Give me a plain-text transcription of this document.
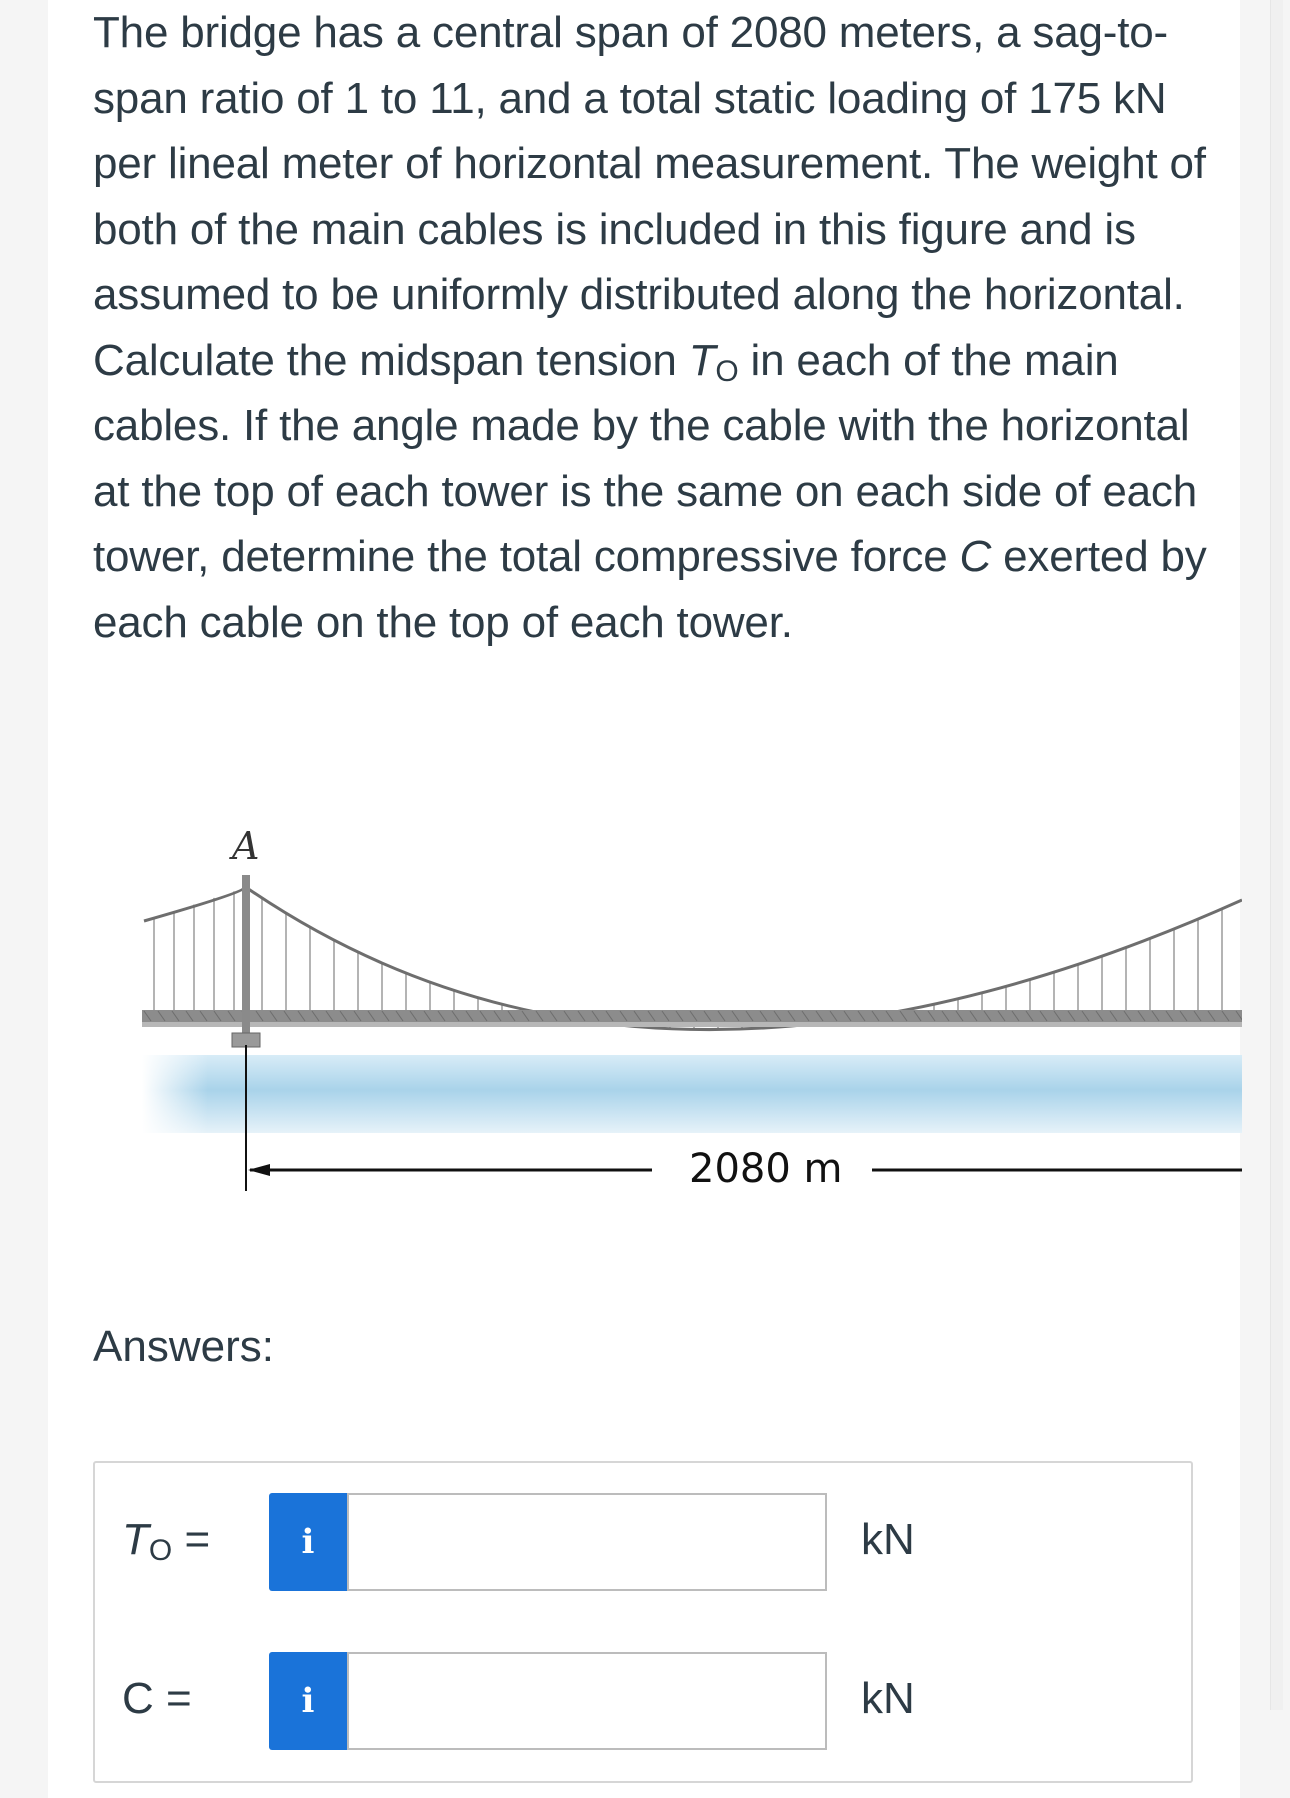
The bridge has a central span of 2080 meters, a sag-to-span ratio of 1 to 11, and a total static loading of 175 kN per lineal meter of horizontal measurement. The weight of both of the main cables is included in this figure and is assumed to be uniformly distributed along the horizontal. Calculate the midspan tension $T_O$ in each of the main cables. If the angle made by the cable with the horizontal at the top of each tower is the same on each side of each tower, determine the total compressive force C exerted by each cable on the top of each tower.

A
2080 m

Answers:

$T_O$ =	i	kN
C =	i	kN
